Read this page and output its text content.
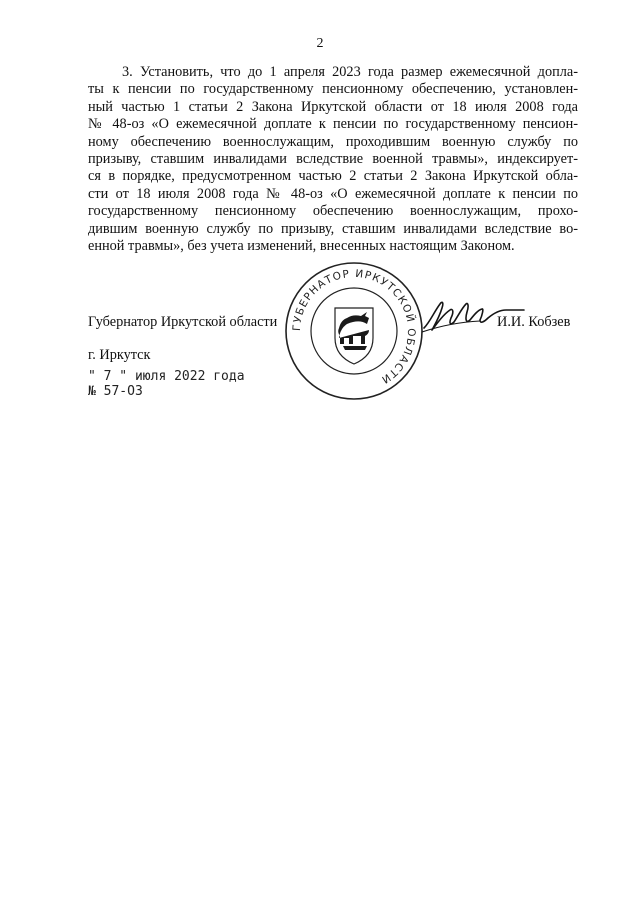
2
3. Установить, что до 1 апреля 2023 года размер ежемесячной допла-
ты к пенсии по государственному пенсионному обеспечению, установлен-
ный частью 1 статьи 2 Закона Иркутской области от 18 июля 2008 года
№ 48-оз «О ежемесячной доплате к пенсии по государственному пенсион-
ному обеспечению военнослужащим, проходившим военную службу по
призыву, ставшим инвалидами вследствие военной травмы», индексирует-
ся в порядке, предусмотренном частью 2 статьи 2 Закона Иркутской обла-
сти от 18 июля 2008 года № 48-оз «О ежемесячной доплате к пенсии по
государственному пенсионному обеспечению военнослужащим, прохо-
дившим военную службу по призыву, ставшим инвалидами вследствие во-
енной травмы», без учета изменений, внесенных настоящим Законом.
Губернатор Иркутской области ГУБЕРНАТОР ИРКУТСКОЙ ОБЛАСТИ
И.И. Кобзев
г. Иркутск
" 7 " июля 2022 года
№ 57-ОЗ
